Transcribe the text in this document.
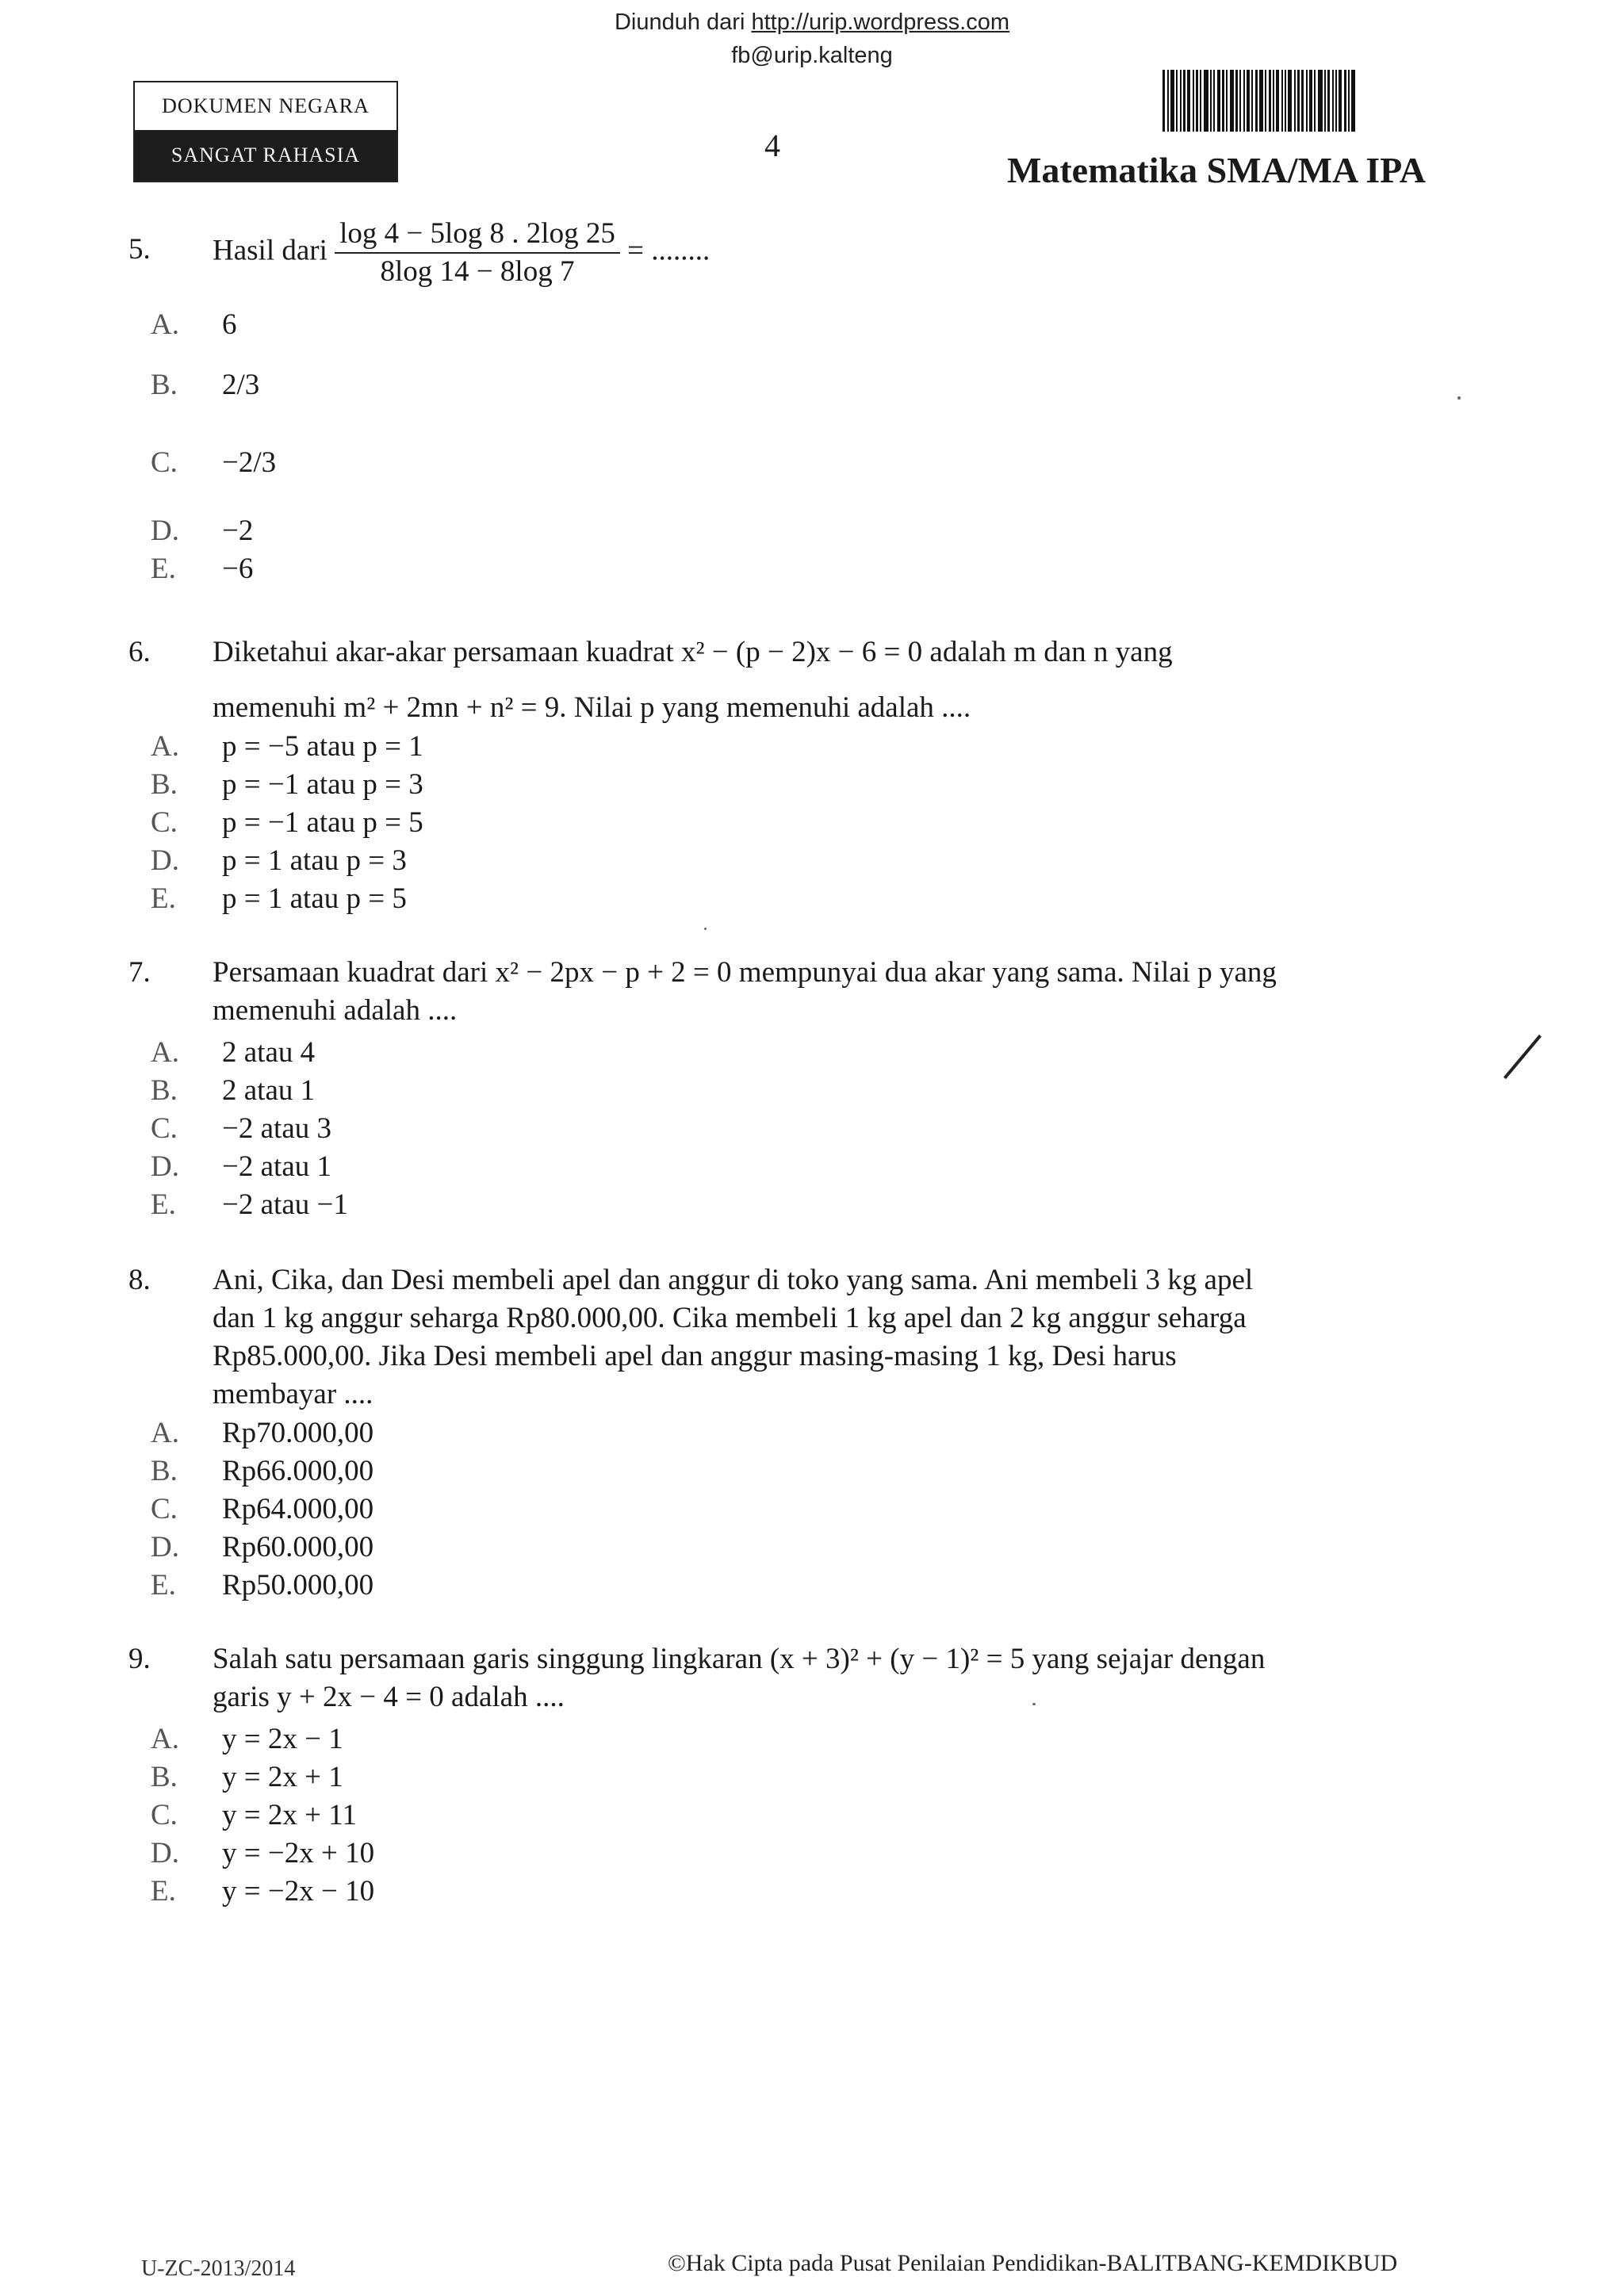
Diunduh dari http://urip.wordpress.com
fb@urip.kalteng
DOKUMEN NEGARA
SANGAT RAHASIA	4
Matematika SMA/MA IPA
5. Hasil dari $\frac{\log 4 - 5\log 8 . 2\log 25}{8\log 14 - 8\log 7}$ = ........
A. 6
B. 2/3
C. −2/3
D. −2
E. −6
6. Diketahui akar-akar persamaan kuadrat x² − (p − 2)x − 6 = 0 adalah m dan n yang
memenuhi m² + 2mn + n² = 9. Nilai p yang memenuhi adalah ....
A. p = −5 atau p = 1
B. p = −1 atau p = 3
C. p = −1 atau p = 5
D. p = 1 atau p = 3
E. p = 1 atau p = 5
7. Persamaan kuadrat dari x² − 2px − p + 2 = 0 mempunyai dua akar yang sama. Nilai p yang
memenuhi adalah ....
A. 2 atau 4
B. 2 atau 1
C. −2 atau 3
D. −2 atau 1
E. −2 atau −1
8. Ani, Cika, dan Desi membeli apel dan anggur di toko yang sama. Ani membeli 3 kg apel
dan 1 kg anggur seharga Rp80.000,00. Cika membeli 1 kg apel dan 2 kg anggur seharga
Rp85.000,00. Jika Desi membeli apel dan anggur masing-masing 1 kg, Desi harus
membayar ....
A. Rp70.000,00
B. Rp66.000,00
C. Rp64.000,00
D. Rp60.000,00
E. Rp50.000,00
9. Salah satu persamaan garis singgung lingkaran (x + 3)² + (y − 1)² = 5 yang sejajar dengan
garis y + 2x − 4 = 0 adalah ....
A. y = 2x − 1
B. y = 2x + 1
C. y = 2x + 11
D. y = −2x + 10
E. y = −2x − 10
U-ZC-2013/2014	©Hak Cipta pada Pusat Penilaian Pendidikan-BALITBANG-KEMDIKBUD
